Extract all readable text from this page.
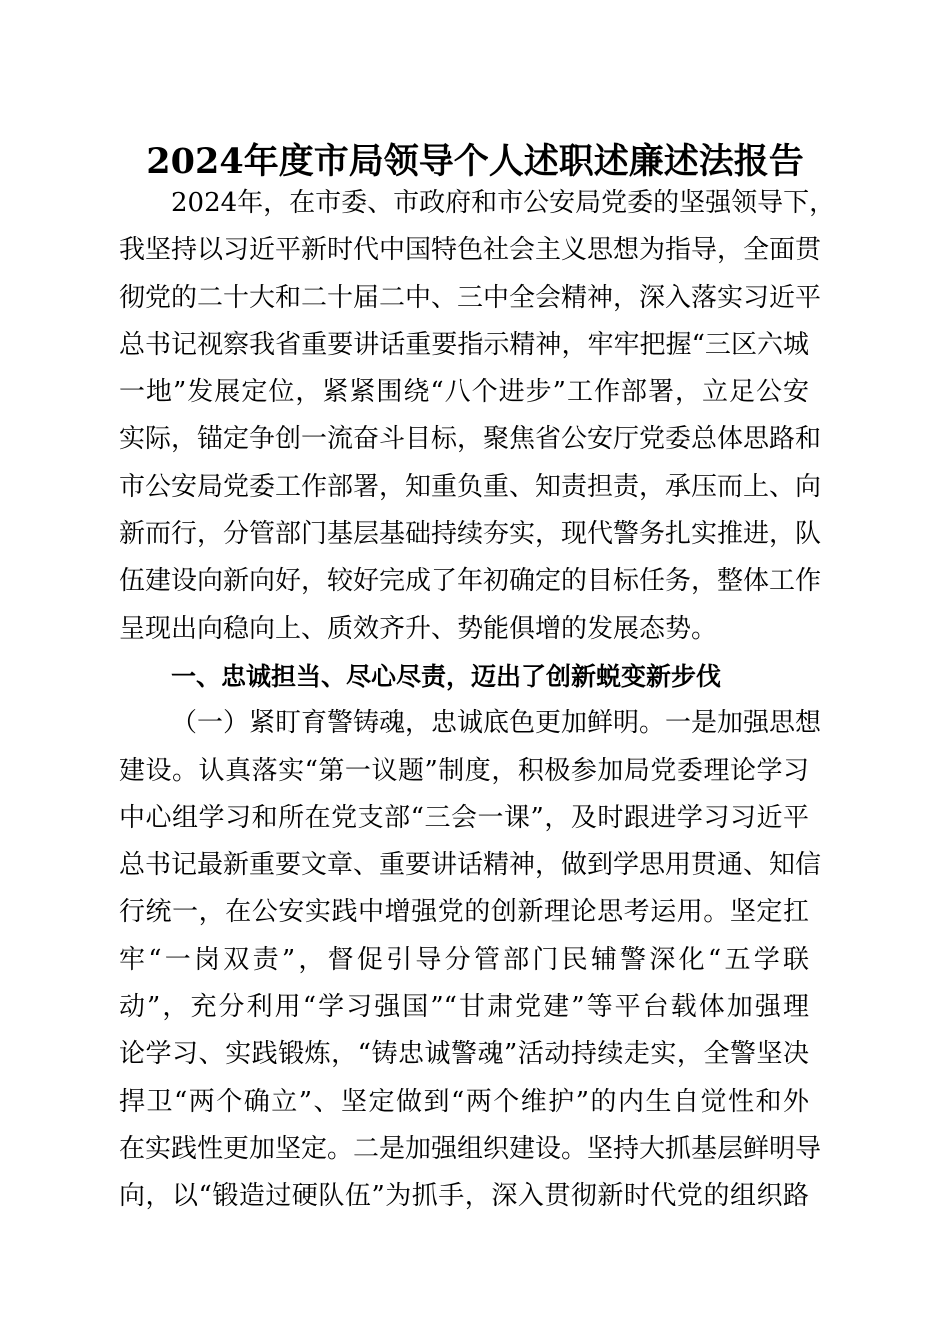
2024年度市局领导个人述职述廉述法报告
2024年，在市委、市政府和市公安局党委的坚强领导下，
我坚持以习近平新时代中国特色社会主义思想为指导，全面贯
彻党的二十大和二十届二中、三中全会精神，深入落实习近平
总书记视察我省重要讲话重要指示精神，牢牢把握“三区六城
一地”发展定位，紧紧围绕“八个进步”工作部署，立足公安
实际，锚定争创一流奋斗目标，聚焦省公安厅党委总体思路和
市公安局党委工作部署，知重负重、知责担责，承压而上、向
新而行，分管部门基层基础持续夯实，现代警务扎实推进，队
伍建设向新向好，较好完成了年初确定的目标任务，整体工作
呈现出向稳向上、质效齐升、势能俱增的发展态势。
一、忠诚担当、尽心尽责，迈出了创新蜕变新步伐
（一）紧盯育警铸魂，忠诚底色更加鲜明。一是加强思想
建设。认真落实“第一议题”制度，积极参加局党委理论学习
中心组学习和所在党支部“三会一课”，及时跟进学习习近平
总书记最新重要文章、重要讲话精神，做到学思用贯通、知信
行统一，在公安实践中增强党的创新理论思考运用。坚定扛
牢“一岗双责”，督促引导分管部门民辅警深化“五学联
动”，充分利用“学习强国”“甘肃党建”等平台载体加强理
论学习、实践锻炼，“铸忠诚警魂”活动持续走实，全警坚决
捍卫“两个确立”、坚定做到“两个维护”的内生自觉性和外
在实践性更加坚定。二是加强组织建设。坚持大抓基层鲜明导
向，以“锻造过硬队伍”为抓手，深入贯彻新时代党的组织路
